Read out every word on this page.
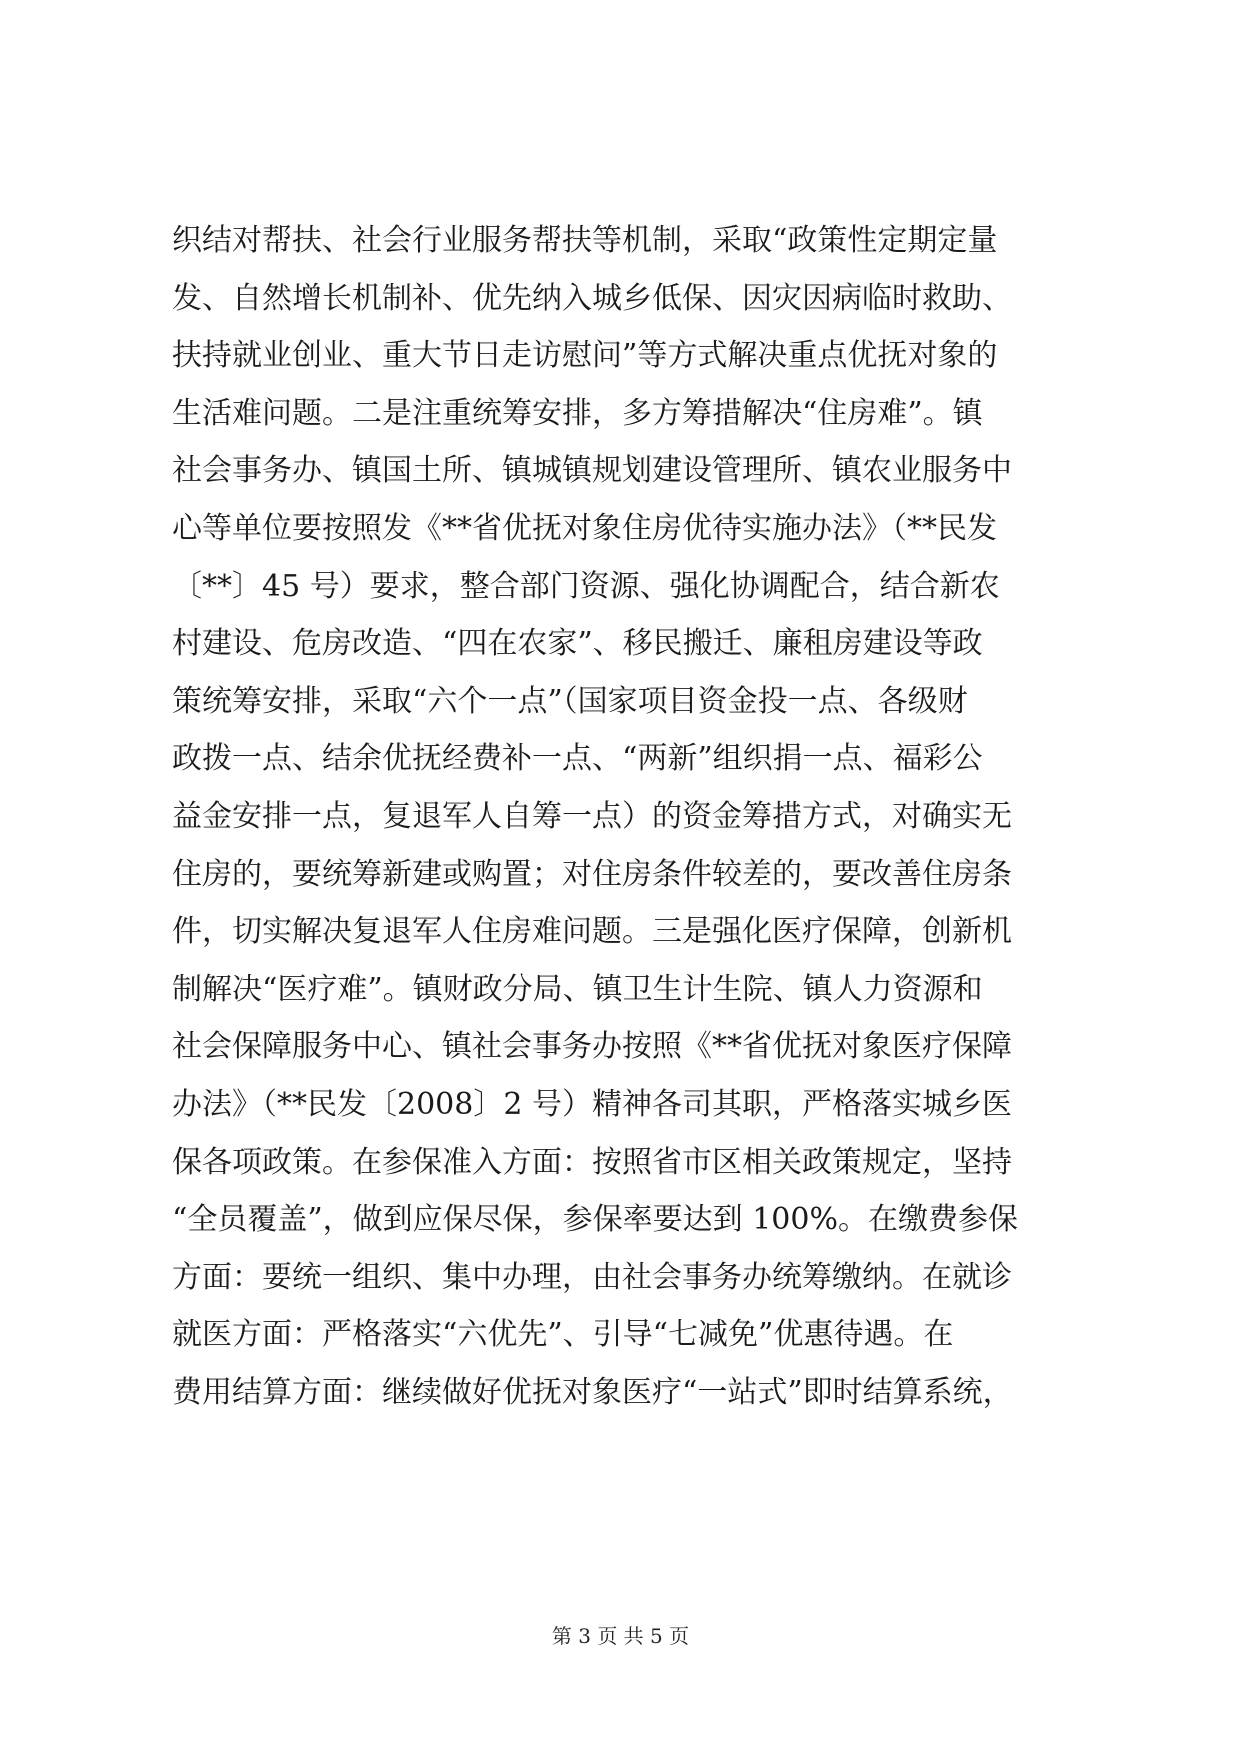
织结对帮扶、社会行业服务帮扶等机制，采取“政策性定期定量
发、自然增长机制补、优先纳入城乡低保、因灾因病临时救助、
扶持就业创业、重大节日走访慰问”等方式解决重点优抚对象的
生活难问题。二是注重统筹安排，多方筹措解决“住房难”。镇
社会事务办、镇国土所、镇城镇规划建设管理所、镇农业服务中
心等单位要按照发《**省优抚对象住房优待实施办法》（**民发
〔**〕45 号）要求，整合部门资源、强化协调配合，结合新农
村建设、危房改造、“四在农家”、移民搬迁、廉租房建设等政
策统筹安排，采取“六个一点”（国家项目资金投一点、各级财
政拨一点、结余优抚经费补一点、“两新”组织捐一点、福彩公
益金安排一点，复退军人自筹一点）的资金筹措方式，对确实无
住房的，要统筹新建或购置；对住房条件较差的，要改善住房条
件，切实解决复退军人住房难问题。三是强化医疗保障，创新机
制解决“医疗难”。镇财政分局、镇卫生计生院、镇人力资源和
社会保障服务中心、镇社会事务办按照《**省优抚对象医疗保障
办法》（**民发〔2008〕2 号）精神各司其职，严格落实城乡医
保各项政策。在参保准入方面：按照省市区相关政策规定，坚持
“全员覆盖”，做到应保尽保，参保率要达到 100%。在缴费参保
方面：要统一组织、集中办理，由社会事务办统筹缴纳。在就诊
就医方面：严格落实“六优先”、引导“七减免”优惠待遇。在
费用结算方面：继续做好优抚对象医疗“一站式”即时结算系统，
第 3 页 共 5 页
